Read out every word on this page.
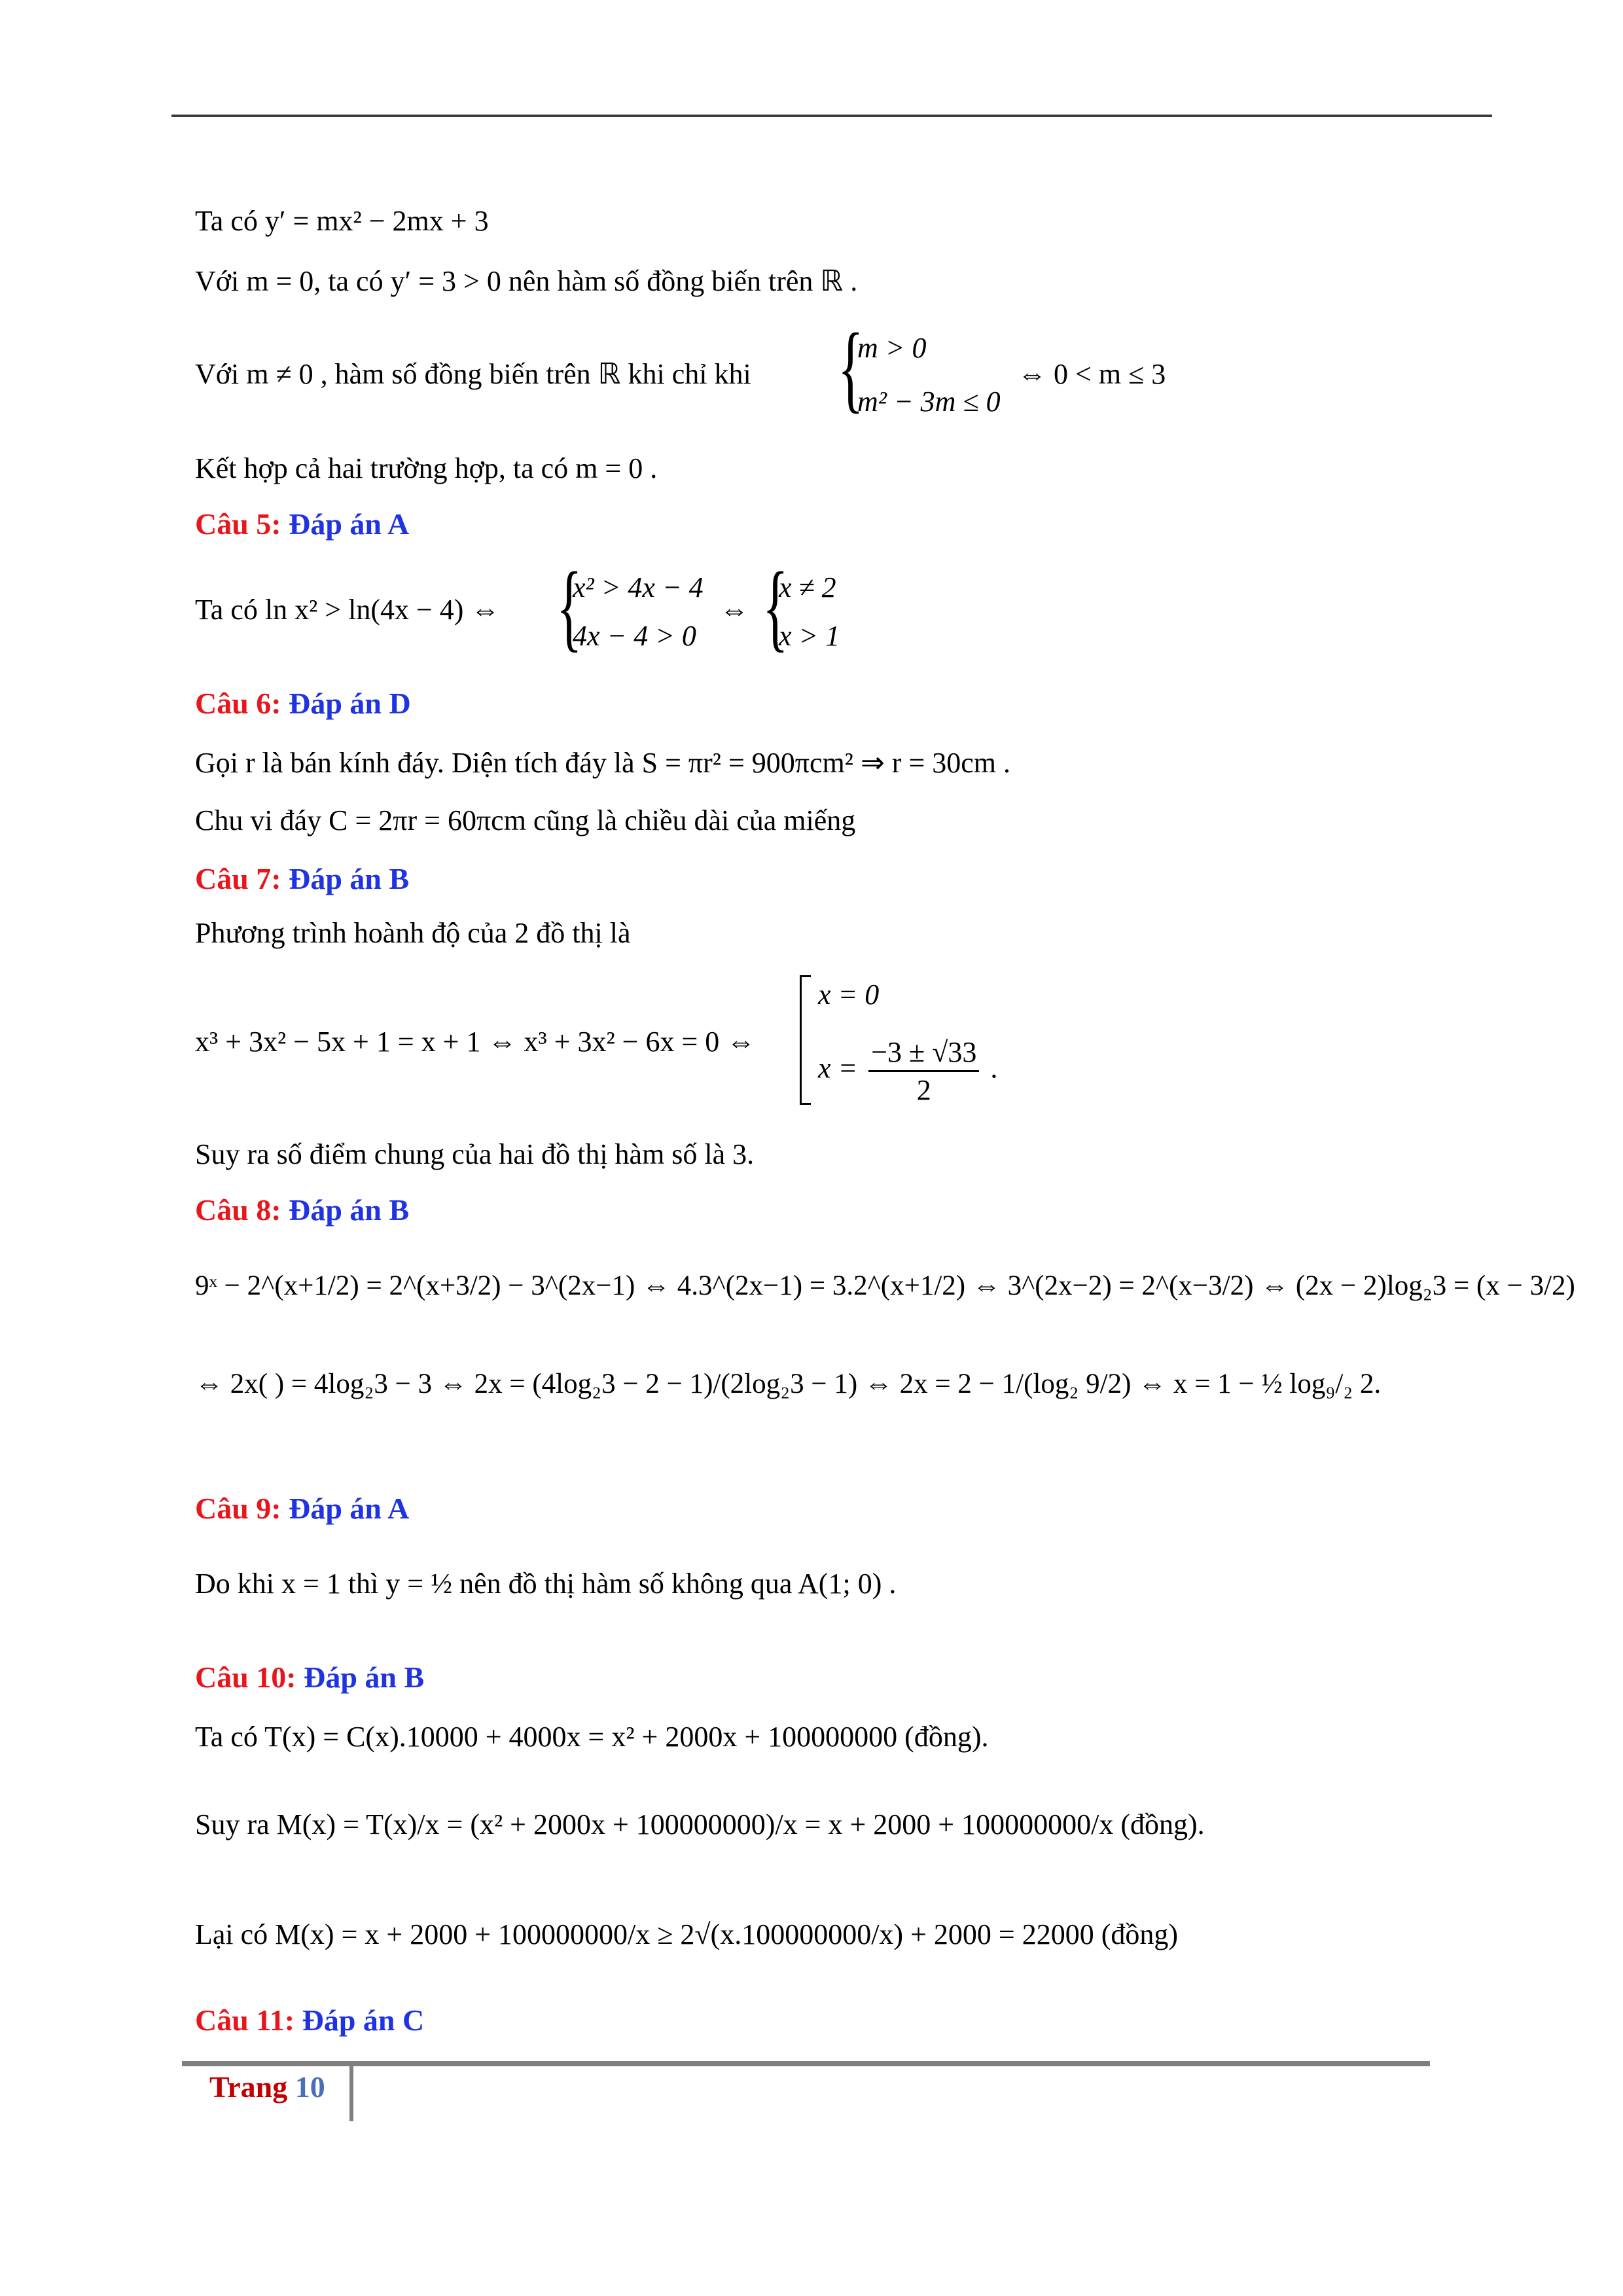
Ta có y′ = mx² − 2mx + 3
Với m = 0, ta có y′ = 3 > 0 nên hàm số đồng biến trên ℝ .
Với m ≠ 0 , hàm số đồng biến trên ℝ khi chỉ khi {
m > 0
m² − 3m ≤ 0
⇔ 0 < m ≤ 3
Kết hợp cả hai trường hợp, ta có m = 0 .
Câu 5: Đáp án A
Ta có ln x² > ln(4x − 4) ⇔ {
x² > 4x − 4
4x − 4 > 0
⇔ {
x ≠ 2
x > 1
Câu 6: Đáp án D
Gọi r là bán kính đáy. Diện tích đáy là S = πr² = 900πcm² ⇒ r = 30cm .
Chu vi đáy C = 2πr = 60πcm cũng là chiều dài của miếng
Câu 7: Đáp án B
Phương trình hoành độ của 2 đồ thị là
x³ + 3x² − 5x + 1 = x + 1 ⇔ x³ + 3x² − 6x = 0 ⇔
x = 0
$x = \frac{-3 \pm √33}{2}$ .
Suy ra số điểm chung của hai đồ thị hàm số là 3.
Câu 8: Đáp án B
9ˣ − 2^(x+1/2) = 2^(x+3/2) − 3^(2x−1) ⇔ 4.3^(2x−1) = 3.2^(x+1/2) ⇔ 3^(2x−2) = 2^(x−3/2) ⇔ (2x − 2)log₂3 = (x − 3/2)
⇔ 2x( ) = 4log₂3 − 3 ⇔ 2x = (4log₂3 − 2 − 1)/(2log₂3 − 1) ⇔ 2x = 2 − 1/(log₂ 9/2) ⇔ x = 1 − ½ log₉/₂ 2.
Câu 9: Đáp án A
Do khi x = 1 thì y = ½ nên đồ thị hàm số không qua A(1; 0) .
Câu 10: Đáp án B
Ta có T(x) = C(x).10000 + 4000x = x² + 2000x + 100000000 (đồng).
Suy ra M(x) = T(x)/x = (x² + 2000x + 100000000)/x = x + 2000 + 100000000/x (đồng).
Lại có M(x) = x + 2000 + 100000000/x ≥ 2√(x.100000000/x) + 2000 = 22000 (đồng)
Câu 11: Đáp án C
Trang 10
